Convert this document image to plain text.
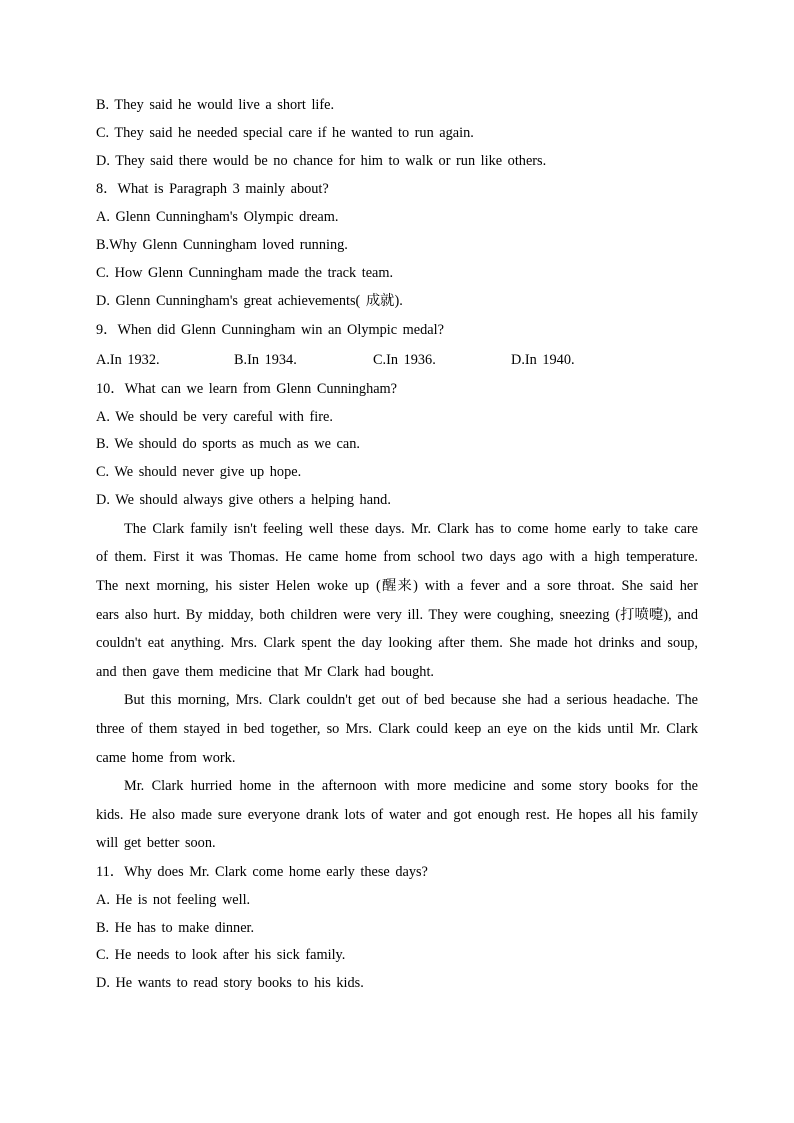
B. They said he would live a short life.
C. They said he needed special care if he wanted to run again.
D. They said there would be no chance for him to walk or run like others.
8．What is Paragraph 3 mainly about?
A. Glenn Cunningham's Olympic dream.
B.Why Glenn Cunningham loved running.
C. How Glenn Cunningham made the track team.
D. Glenn Cunningham's great achievements( 成就).
9．When did Glenn Cunningham win an Olympic medal?
A.In 1932.	B.In 1934.	C.In 1936.	D.In 1940.
10．What can we learn from Glenn Cunningham?
A. We should be very careful with fire.
B. We should do sports as much as we can.
C. We should never give up hope.
D. We should always give others a helping hand.

The Clark family isn't feeling well these days. Mr. Clark has to come home early to take care of them. First it was Thomas. He came home from school two days ago with a high temperature. The next morning, his sister Helen woke up (醒来) with a fever and a sore throat. She said her ears also hurt. By midday, both children were very ill. They were coughing, sneezing (打喷嚏), and couldn't eat anything. Mrs. Clark spent the day looking after them. She made hot drinks and soup, and then gave them medicine that Mr Clark had bought.

But this morning, Mrs. Clark couldn't get out of bed because she had a serious headache. The three of them stayed in bed together, so Mrs. Clark could keep an eye on the kids until Mr. Clark came home from work.

Mr. Clark hurried home in the afternoon with more medicine and some story books for the kids. He also made sure everyone drank lots of water and got enough rest. He hopes all his family will get better soon.

11．Why does Mr. Clark come home early these days?
A. He is not feeling well.
B. He has to make dinner.
C. He needs to look after his sick family.
D. He wants to read story books to his kids.
